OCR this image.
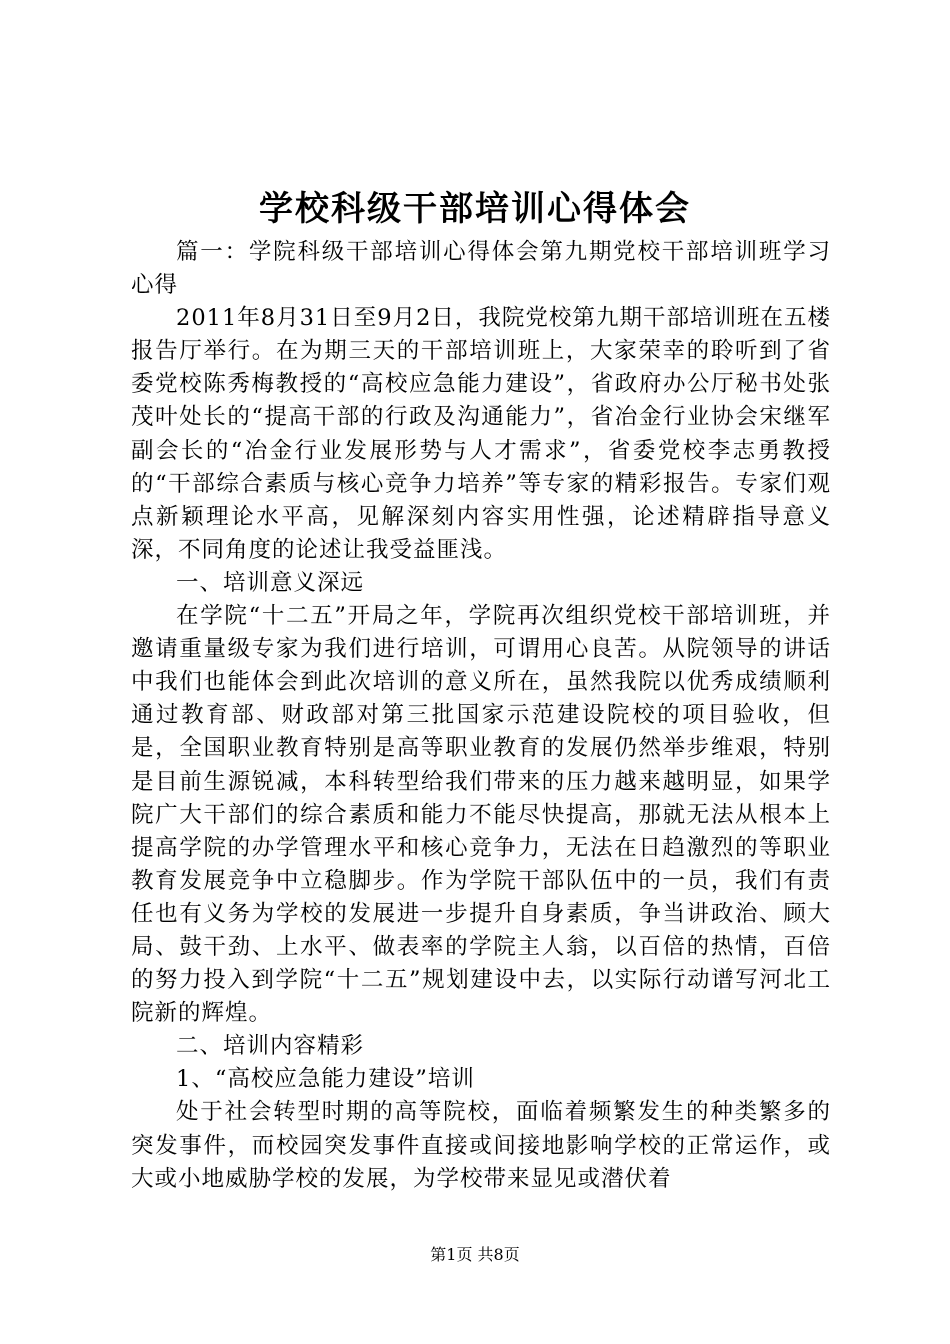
学校科级干部培训心得体会

篇一：学院科级干部培训心得体会第九期党校干部培训班学习心得

2011年8月31日至9月2日，我院党校第九期干部培训班在五楼报告厅举行。在为期三天的干部培训班上，大家荣幸的聆听到了省委党校陈秀梅教授的“高校应急能力建设”，省政府办公厅秘书处张茂叶处长的“提高干部的行政及沟通能力”，省冶金行业协会宋继军副会长的“冶金行业发展形势与人才需求”，省委党校李志勇教授的“干部综合素质与核心竞争力培养”等专家的精彩报告。专家们观点新颖理论水平高，见解深刻内容实用性强，论述精辟指导意义深，不同角度的论述让我受益匪浅。

一、培训意义深远

在学院“十二五”开局之年，学院再次组织党校干部培训班，并邀请重量级专家为我们进行培训，可谓用心良苦。从院领导的讲话中我们也能体会到此次培训的意义所在，虽然我院以优秀成绩顺利通过教育部、财政部对第三批国家示范建设院校的项目验收，但是，全国职业教育特别是高等职业教育的发展仍然举步维艰，特别是目前生源锐减，本科转型给我们带来的压力越来越明显，如果学院广大干部们的综合素质和能力不能尽快提高，那就无法从根本上提高学院的办学管理水平和核心竞争力，无法在日趋激烈的等职业教育发展竞争中立稳脚步。作为学院干部队伍中的一员，我们有责任也有义务为学校的发展进一步提升自身素质，争当讲政治、顾大局、鼓干劲、上水平、做表率的学院主人翁，以百倍的热情，百倍的努力投入到学院“十二五”规划建设中去，以实际行动谱写河北工院新的辉煌。

二、培训内容精彩

1、“高校应急能力建设”培训

处于社会转型时期的高等院校，面临着频繁发生的种类繁多的突发事件，而校园突发事件直接或间接地影响学校的正常运作，或大或小地威胁学校的发展，为学校带来显见或潜伏着

第1页 共8页
